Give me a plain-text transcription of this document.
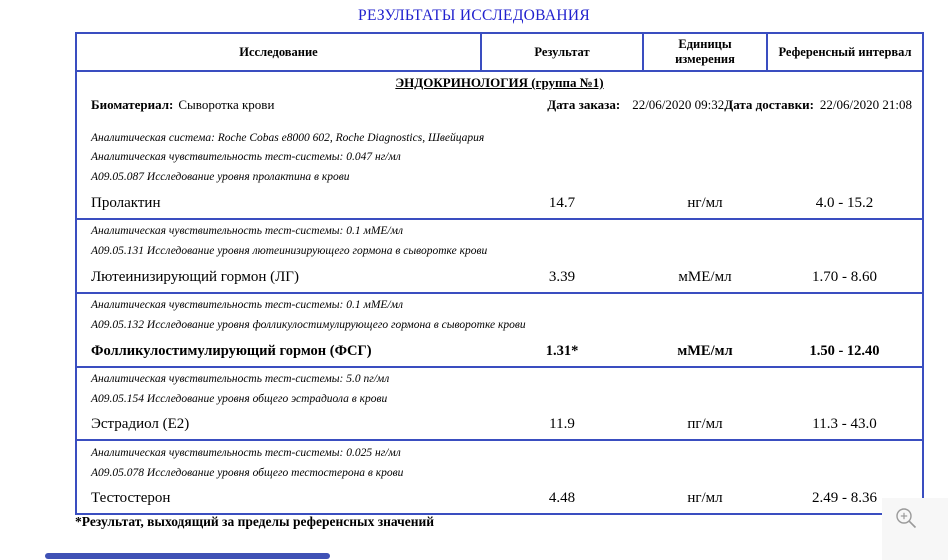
РЕЗУЛЬТАТЫ ИССЛЕДОВАНИЯ
Исследование	Результат	Единицы измерения	Референсный интервал
ЭНДОКРИНОЛОГИЯ (группа №1)			

Биоматериал: Сыворотка крови	Дата заказа: 22/06/2020 09:32 Дата доставки: 22/06/2020 21:08

Аналитическая система: Roche Cobas e8000 602, Roche Diagnostics, Швейцария
Аналитическая чувствительность тест-системы: 0.047 нг/мл
A09.05.087 Исследование уровня пролактина в крови			

Пролактин	14.7	нг/мл	4.0 - 15.2

Аналитическая чувствительность тест-системы: 0.1 мМЕ/мл
A09.05.131 Исследование уровня лютеинизирующего гормона в сыворотке крови			

Лютеинизирующий гормон (ЛГ)	3.39	мМЕ/мл	1.70 - 8.60

Аналитическая чувствительность тест-системы: 0.1 мМЕ/мл
A09.05.132 Исследование уровня фолликулостимулирующего гормона в сыворотке крови			

Фолликулостимулирующий гормон (ФСГ)	1.31*	мМЕ/мл	1.50 - 12.40

Аналитическая чувствительность тест-системы: 5.0 пг/мл
A09.05.154 Исследование уровня общего эстрадиола в крови			

Эстрадиол (Е2)	11.9	пг/мл	11.3 - 43.0

Аналитическая чувствительность тест-системы: 0.025 нг/мл
A09.05.078 Исследование уровня общего тестостерона в крови			

Тестостерон	4.48	нг/мл	2.49 - 8.36
*Результат, выходящий за пределы референсных значений
